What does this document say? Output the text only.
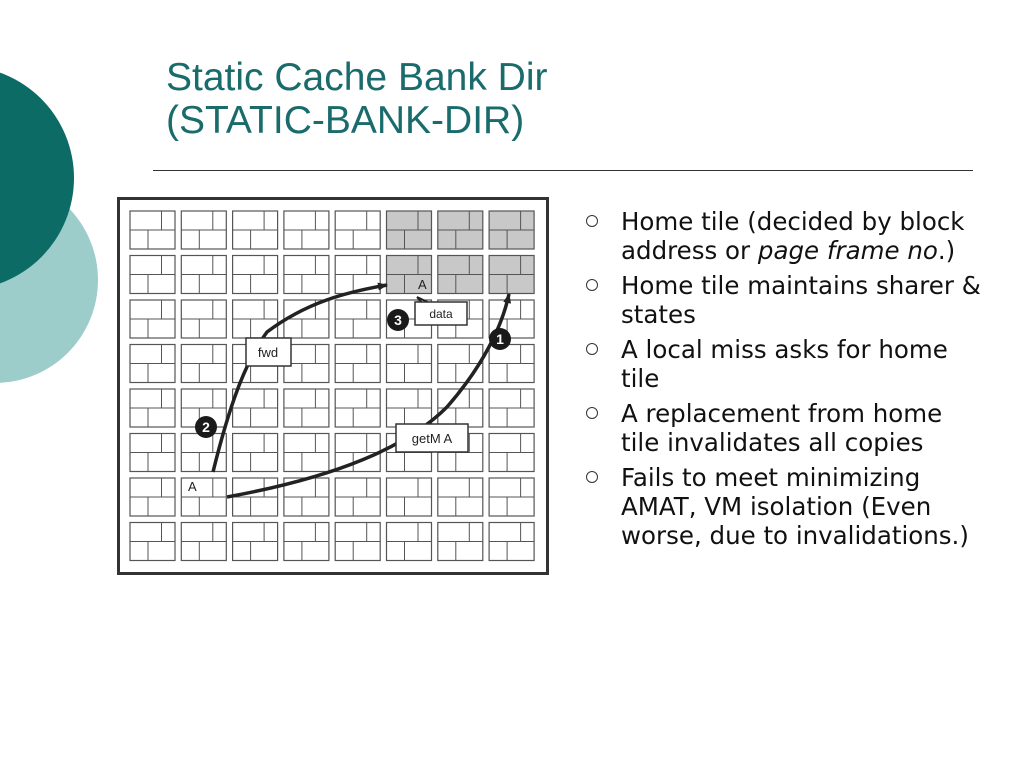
Static Cache Bank Dir
(STATIC-BANK-DIR)
data
fwd
getM A
A
A
1
2
3
Home tile (decided by block address or page frame no.)
Home tile maintains sharer & states
A local miss asks for home tile
A replacement from home tile invalidates all copies
Fails to meet minimizing AMAT, VM isolation (Even worse, due to invalidations.)
